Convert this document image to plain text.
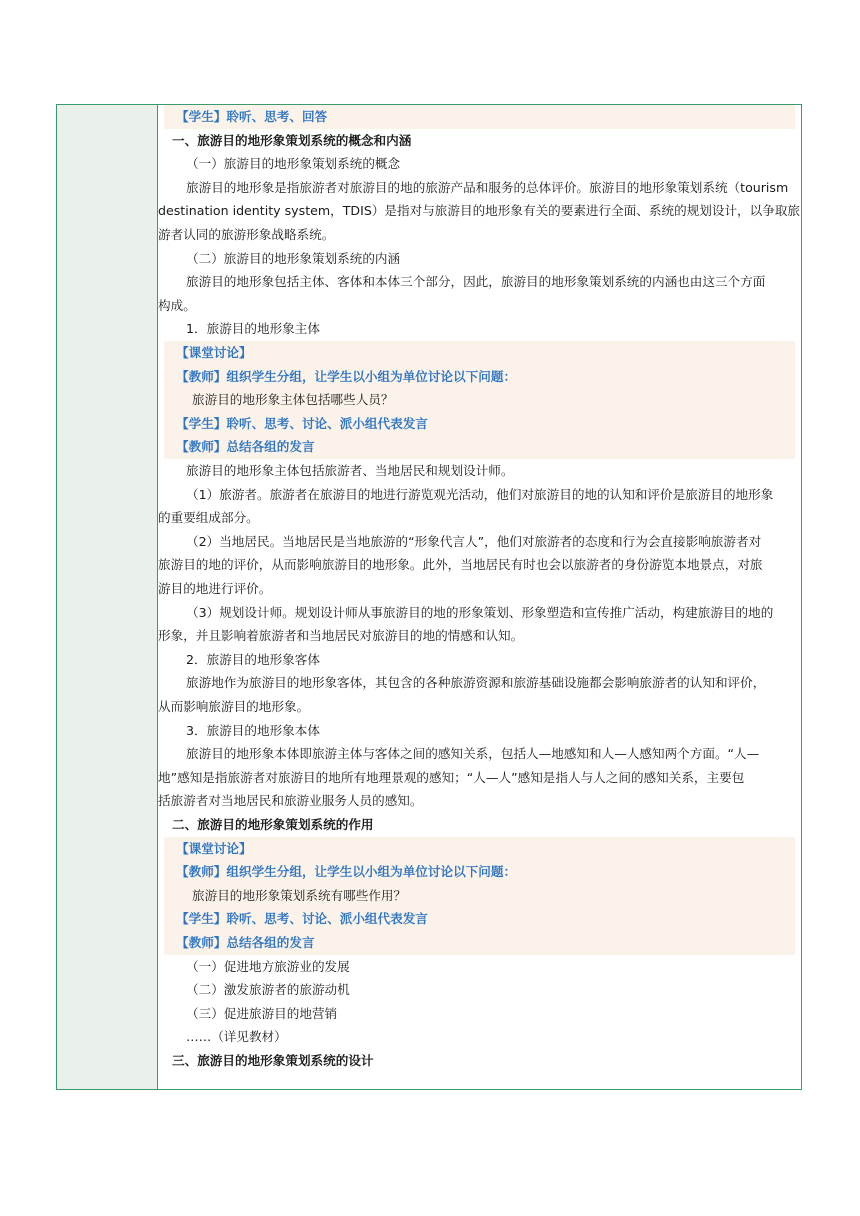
【学生】聆听、思考、回答
一、旅游目的地形象策划系统的概念和内涵
（一）旅游目的地形象策划系统的概念
旅游目的地形象是指旅游者对旅游目的地的旅游产品和服务的总体评价。旅游目的地形象策划系统（tourism
destination identity system，TDIS）是指对与旅游目的地形象有关的要素进行全面、系统的规划设计，以争取旅
游者认同的旅游形象战略系统。
（二）旅游目的地形象策划系统的内涵
旅游目的地形象包括主体、客体和本体三个部分，因此，旅游目的地形象策划系统的内涵也由这三个方面
构成。
1．旅游目的地形象主体
【课堂讨论】
【教师】组织学生分组，让学生以小组为单位讨论以下问题：
旅游目的地形象主体包括哪些人员？
【学生】聆听、思考、讨论、派小组代表发言
【教师】总结各组的发言
旅游目的地形象主体包括旅游者、当地居民和规划设计师。
（1）旅游者。旅游者在旅游目的地进行游览观光活动，他们对旅游目的地的认知和评价是旅游目的地形象
的重要组成部分。
（2）当地居民。当地居民是当地旅游的“形象代言人”，他们对旅游者的态度和行为会直接影响旅游者对
旅游目的地的评价，从而影响旅游目的地形象。此外，当地居民有时也会以旅游者的身份游览本地景点，对旅
游目的地进行评价。
（3）规划设计师。规划设计师从事旅游目的地的形象策划、形象塑造和宣传推广活动，构建旅游目的地的
形象，并且影响着旅游者和当地居民对旅游目的地的情感和认知。
2．旅游目的地形象客体
旅游地作为旅游目的地形象客体，其包含的各种旅游资源和旅游基础设施都会影响旅游者的认知和评价，
从而影响旅游目的地形象。
3．旅游目的地形象本体
旅游目的地形象本体即旅游主体与客体之间的感知关系，包括人—地感知和人—人感知两个方面。“人—
地”感知是指旅游者对旅游目的地所有地理景观的感知；“人—人”感知是指人与人之间的感知关系，主要包
括旅游者对当地居民和旅游业服务人员的感知。
二、旅游目的地形象策划系统的作用
【课堂讨论】
【教师】组织学生分组，让学生以小组为单位讨论以下问题：
旅游目的地形象策划系统有哪些作用？
【学生】聆听、思考、讨论、派小组代表发言
【教师】总结各组的发言
（一）促进地方旅游业的发展
（二）激发旅游者的旅游动机
（三）促进旅游目的地营销
……（详见教材）
三、旅游目的地形象策划系统的设计
